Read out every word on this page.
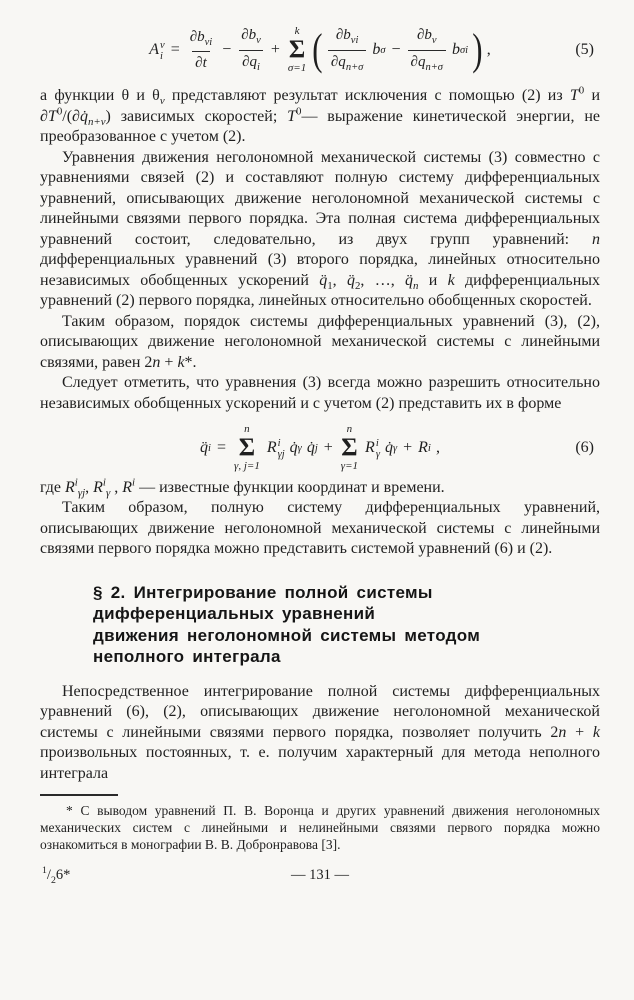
A ν
$i = \frac{\partial b_{\nu i}}{\partial t} - \frac{\partial b_\nu}{\partial q_i}$ +
k
Σ
σ=1 ( $\frac{\partial b_{\nu i}}{\partial q_{n+\sigma}}$ b $\sigma - \frac{\partial b_\nu}{\partial q_{n+\sigma}}$ b σi ) ,	(5)

а функции θ и $\theta_\nu$ представляют результат исключения с помощью (2) из $T^0$ и $\partial T^0/(\partial q̇_{n+\nu})$ зависимых скоростей; $T^0—$ выражение кинетической энергии, не преобразованное с учетом (2).

Уравнения движения неголономной механической системы (3) совместно с уравнениями связей (2) и составляют полную систему дифференциальных уравнений, описывающих движение неголономной механической системы с линейными связями первого порядка. Эта полная система дифференциальных уравнений состоит, следовательно, из двух групп уравнений: n дифференциальных уравнений (3) второго порядка, линейных относительно независимых обобщенных ускорений $q̈_1$, $q̈_2$, …, $q̈_n$ и k дифференциальных уравнений (2) первого порядка, линейных относительно обобщенных скоростей.

Таким образом, порядок системы дифференциальных уравнений (3), (2), описывающих движение неголономной механической системы с линейными связями, равен 2n + k*.

Следует отметить, что уравнения (3) всегда можно разрешить относительно независимых обобщенных ускорений и с учетом (2) представить их в форме

q̈ i =
n
Σ
γ, j=1
R i
γj q̇ γ q̇ j +
n
Σ
γ=1
R i
γ q̇ γ + R i ,	(6)

где $R^i_{\gamma j}$, $R^i_\gamma$ , $R^i$ — известные функции координат и времени.

Таким образом, полную систему дифференциальных уравнений, описывающих движение неголономной механической системы с линейными связями первого порядка можно представить системой уравнений (6) и (2).

§ 2. Интегрирование полной системы
дифференциальных уравнений
движения неголономной системы методом
неполного интеграла

Непосредственное интегрирование полной системы дифференциальных уравнений (6), (2), описывающих движение неголономной механической системы с линейными связями первого порядка, позволяет получить 2n + k произвольных постоянных, т. е. получим характерный для метода неполного интеграла

* С выводом уравнений П. В. Воронца и других уравнений движения неголономных механических систем с линейными и нелинейными связями первого порядка можно ознакомиться в монографии В. В. Добронравова [3].

$^1/_26*$	— 131 —
